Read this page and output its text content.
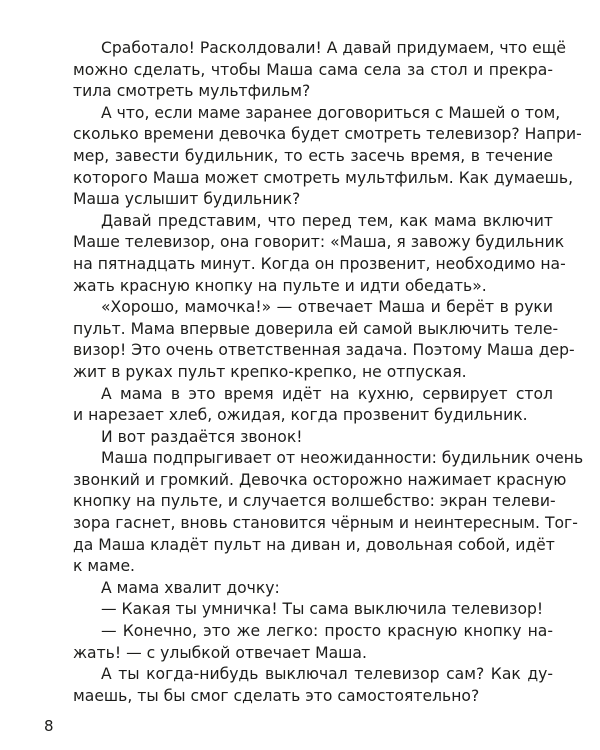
Сработало! Расколдовали! А давай придумаем, что ещё
можно сделать, чтобы Маша сама села за стол и прекра-
тила смотреть мультфильм?

А что, если маме заранее договориться с Машей о том,
сколько времени девочка будет смотреть телевизор? Напри-
мер, завести будильник, то есть засечь время, в течение
которого Маша может смотреть мультфильм. Как думаешь,
Маша услышит будильник?

Давай представим, что перед тем, как мама включит
Маше телевизор, она говорит: «Маша, я завожу будильник
на пятнадцать минут. Когда он прозвенит, необходимо на-
жать красную кнопку на пульте и идти обедать».

«Хорошо, мамочка!» — отвечает Маша и берёт в руки
пульт. Мама впервые доверила ей самой выключить теле-
визор! Это очень ответственная задача. Поэтому Маша дер-
жит в руках пульт крепко-крепко, не отпуская.

А мама в это время идёт на кухню, сервирует стол
и нарезает хлеб, ожидая, когда прозвенит будильник.

И вот раздаётся звонок!

Маша подпрыгивает от неожиданности: будильник очень
звонкий и громкий. Девочка осторожно нажимает красную
кнопку на пульте, и случается волшебство: экран телеви-
зора гаснет, вновь становится чёрным и неинтересным. Тог-
да Маша кладёт пульт на диван и, довольная собой, идёт
к маме.

А мама хвалит дочку:

— Какая ты умничка! Ты сама выключила телевизор!

— Конечно, это же легко: просто красную кнопку на-
жать! — с улыбкой отвечает Маша.

А ты когда-нибудь выключал телевизор сам? Как ду-
маешь, ты бы смог сделать это самостоятельно?

8
